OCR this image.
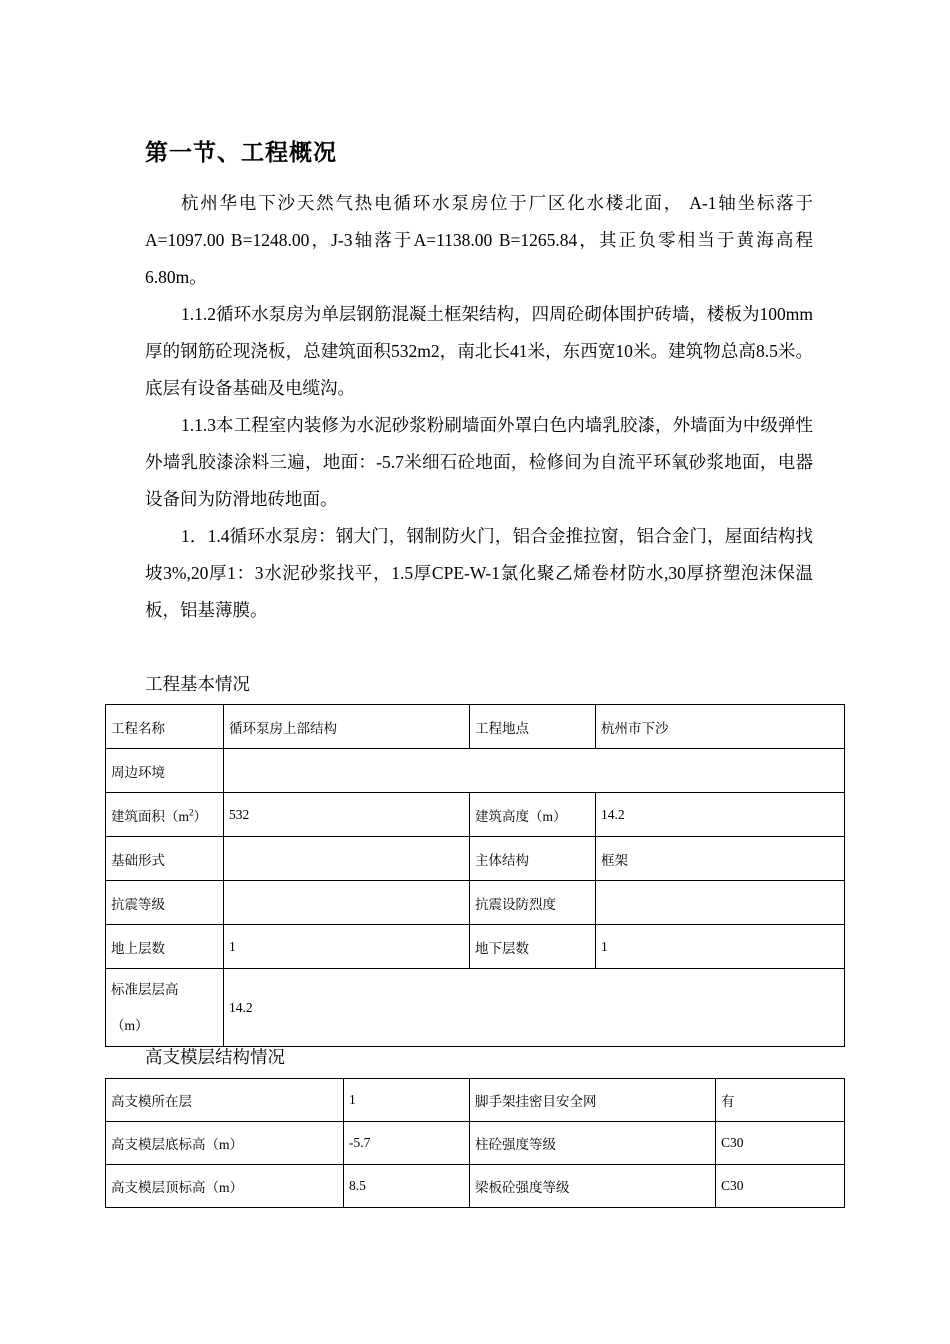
第一节、工程概况
杭州华电下沙天然气热电循环水泵房位于厂区化水楼北面， A-1轴坐标落于A=1097.00 B=1248.00，J-3轴落于A=1138.00 B=1265.84，其正负零相当于黄海高程6.80m。
1.1.2循环水泵房为单层钢筋混凝土框架结构，四周砼砌体围护砖墙，楼板为100mm厚的钢筋砼现浇板，总建筑面积532m2，南北长41米，东西宽10米。建筑物总高8.5米。底层有设备基础及电缆沟。
1.1.3本工程室内装修为水泥砂浆粉刷墙面外罩白色内墙乳胶漆，外墙面为中级弹性外墙乳胶漆涂料三遍，地面：-5.7米细石砼地面，检修间为自流平环氧砂浆地面，电器设备间为防滑地砖地面。
1．1.4循环水泵房：钢大门，钢制防火门，铝合金推拉窗，铝合金门，屋面结构找坡3%,20厚1：3水泥砂浆找平，1.5厚CPE-W-1氯化聚乙烯卷材防水,30厚挤塑泡沫保温板，铝基薄膜。
工程基本情况
工程名称	循环泵房上部结构	工程地点	杭州市下沙
周边环境			
建筑面积$(m^2)$	532	建筑高度（m）	14.2
基础形式		主体结构	框架
抗震等级		抗震设防烈度	
地上层数	1	地下层数	1

标准层层高
（m）	14.2		
高支模层结构情况
高支模所在层	1	脚手架挂密目安全网	有
高支模层底标高（m）	-5.7	柱砼强度等级	C30
高支模层顶标高（m）	8.5	梁板砼强度等级	C30
